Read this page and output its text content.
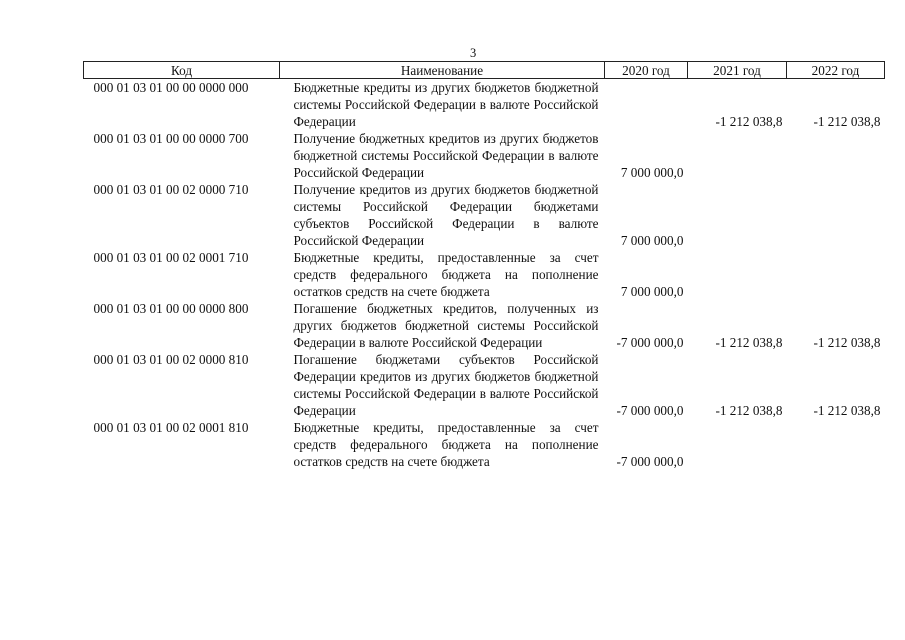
3
Код	Наименование	2020 год	2021 год	2022 год
000 01 03 01 00 00 0000 000	Бюджетные кредиты из других бюджетов бюджетной системы Российской Федерации в валюте Российской Федерации		-1 212 038,8	-1 212 038,8
000 01 03 01 00 00 0000 700	Получение бюджетных кредитов из других бюджетов бюджетной системы Российской Федерации в валюте Российской Федерации	7 000 000,0		
000 01 03 01 00 02 0000 710	Получение кредитов из других бюджетов бюджетной системы Российской Федерации бюджетами субъектов Российской Федерации в валюте Российской Федерации	7 000 000,0		
000 01 03 01 00 02 0001 710	Бюджетные кредиты, предоставленные за счет средств федерального бюджета на пополнение остатков средств на счете бюджета	7 000 000,0		
000 01 03 01 00 00 0000 800	Погашение бюджетных кредитов, полученных из других бюджетов бюджетной системы Российской Федерации в валюте Российской Федерации	-7 000 000,0	-1 212 038,8	-1 212 038,8
000 01 03 01 00 02 0000 810	Погашение бюджетами субъектов Российской Федерации кредитов из других бюджетов бюджетной системы Российской Федерации в валюте Российской Федерации	-7 000 000,0	-1 212 038,8	-1 212 038,8
000 01 03 01 00 02 0001 810	Бюджетные кредиты, предоставленные за счет средств федерального бюджета на пополнение остатков средств на счете бюджета	-7 000 000,0		
